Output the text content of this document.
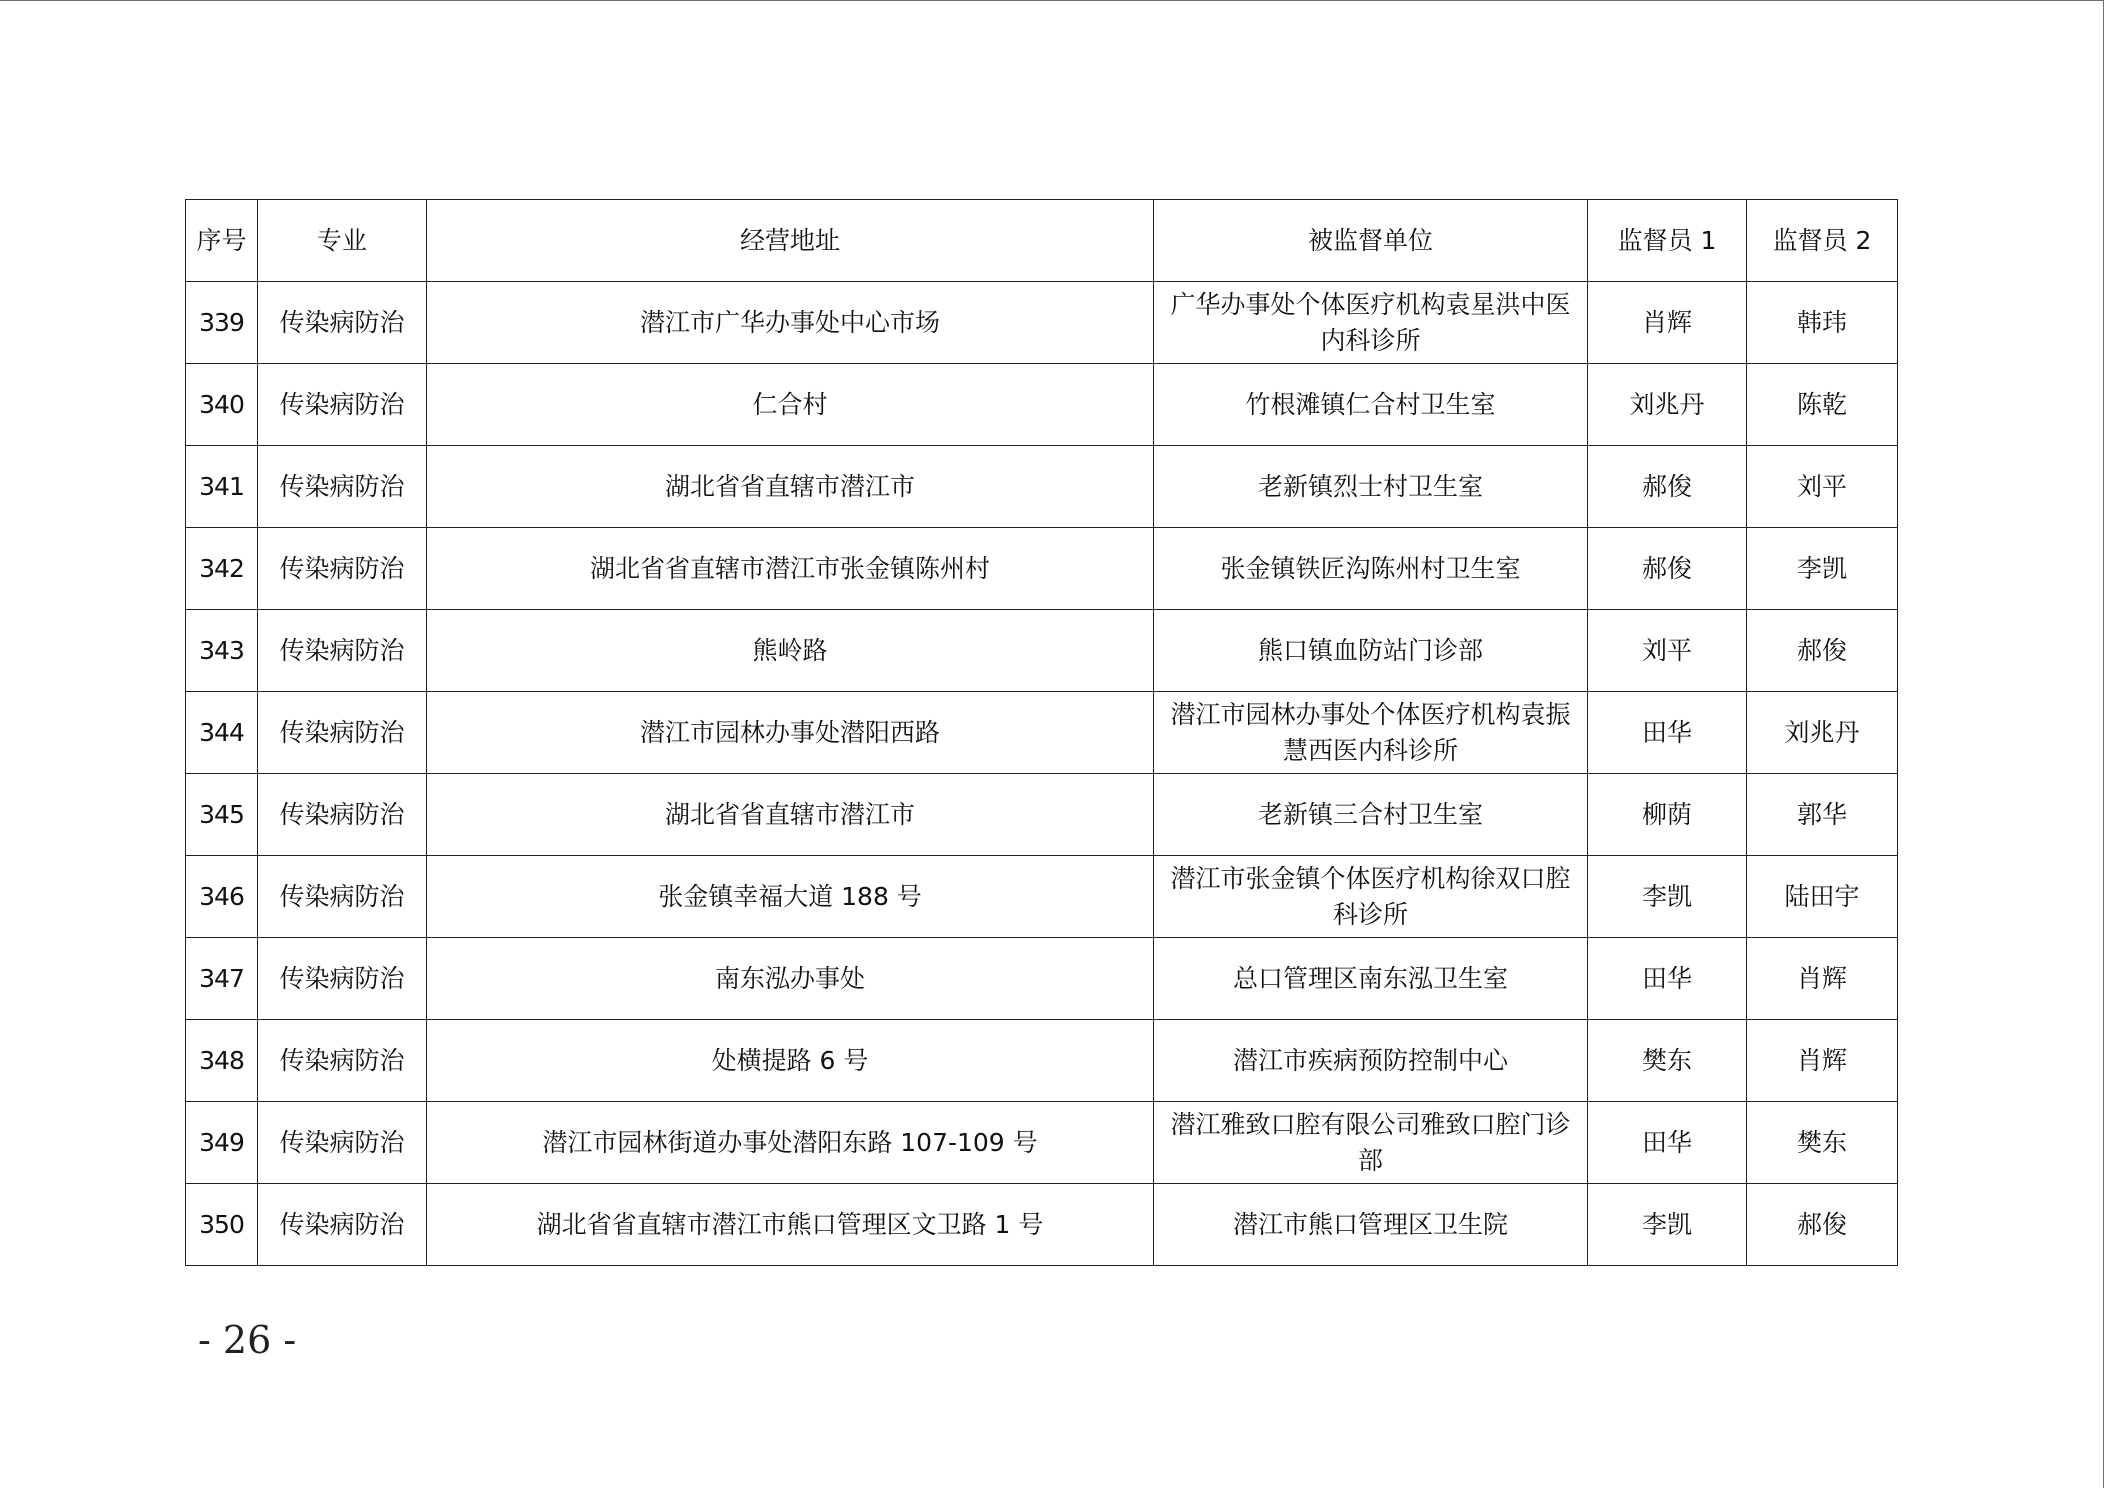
序号	专业	经营地址	被监督单位	监督员 1	监督员 2
339	传染病防治	潜江市广华办事处中心市场	广华办事处个体医疗机构袁星洪中医内科诊所	肖辉	韩玮
340	传染病防治	仁合村	竹根滩镇仁合村卫生室	刘兆丹	陈乾
341	传染病防治	湖北省省直辖市潜江市	老新镇烈士村卫生室	郝俊	刘平
342	传染病防治	湖北省省直辖市潜江市张金镇陈州村	张金镇铁匠沟陈州村卫生室	郝俊	李凯
343	传染病防治	熊岭路	熊口镇血防站门诊部	刘平	郝俊
344	传染病防治	潜江市园林办事处潜阳西路	潜江市园林办事处个体医疗机构袁振慧西医内科诊所	田华	刘兆丹
345	传染病防治	湖北省省直辖市潜江市	老新镇三合村卫生室	柳荫	郭华
346	传染病防治	张金镇幸福大道 188 号	潜江市张金镇个体医疗机构徐双口腔科诊所	李凯	陆田宇
347	传染病防治	南东泓办事处	总口管理区南东泓卫生室	田华	肖辉
348	传染病防治	处横提路 6 号	潜江市疾病预防控制中心	樊东	肖辉
349	传染病防治	潜江市园林街道办事处潜阳东路 107-109 号	潜江雅致口腔有限公司雅致口腔门诊部	田华	樊东
350	传染病防治	湖北省省直辖市潜江市熊口管理区文卫路 1 号	潜江市熊口管理区卫生院	李凯	郝俊
- 26 -
